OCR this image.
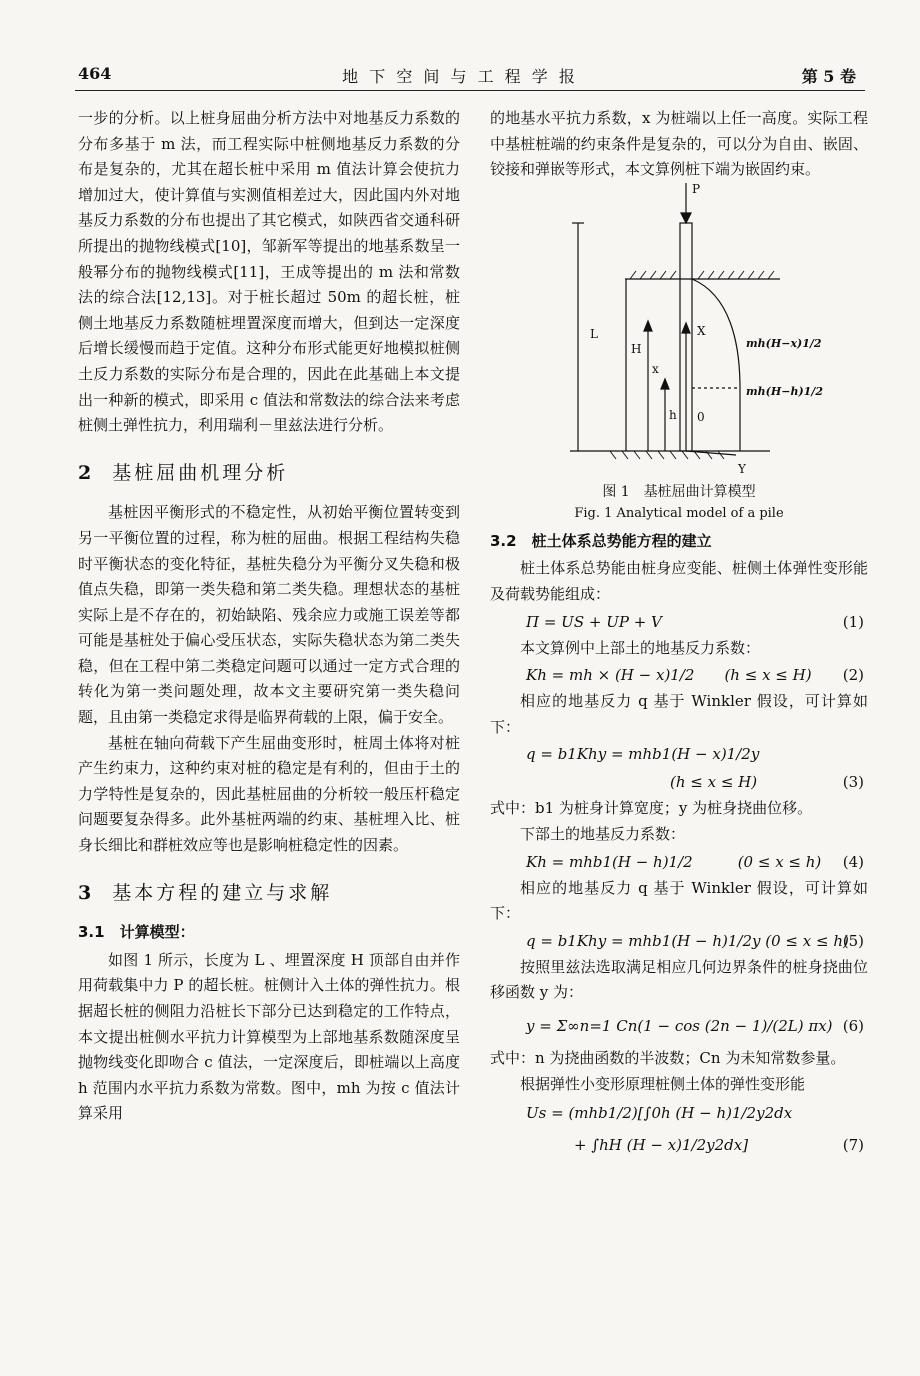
464	地 下 空 间 与 工 程 学 报	第 5 卷

一步的分析。以上桩身屈曲分析方法中对地基反力系数的分布多基于 m 法，而工程实际中桩侧地基反力系数的分布是复杂的，尤其在超长桩中采用 m 值法计算会使抗力增加过大，使计算值与实测值相差过大，因此国内外对地基反力系数的分布也提出了其它模式，如陕西省交通科研所提出的抛物线模式[10]，邹新军等提出的地基系数呈一般幂分布的抛物线模式[11]，王成等提出的 m 法和常数法的综合法[12,13]。对于桩长超过 50m 的超长桩，桩侧土地基反力系数随桩埋置深度而增大，但到达一定深度后增长缓慢而趋于定值。这种分布形式能更好地模拟桩侧土反力系数的实际分布是合理的，因此在此基础上本文提出一种新的模式，即采用 c 值法和常数法的综合法来考虑桩侧土弹性抗力，利用瑞利－里兹法进行分析。

2 基桩屈曲机理分析

基桩因平衡形式的不稳定性，从初始平衡位置转变到另一平衡位置的过程，称为桩的屈曲。根据工程结构失稳时平衡状态的变化特征，基桩失稳分为平衡分叉失稳和极值点失稳，即第一类失稳和第二类失稳。理想状态的基桩实际上是不存在的，初始缺陷、残余应力或施工误差等都可能是基桩处于偏心受压状态，实际失稳状态为第二类失稳，但在工程中第二类稳定问题可以通过一定方式合理的转化为第一类问题处理，故本文主要研究第一类失稳问题，且由第一类稳定求得是临界荷载的上限，偏于安全。

基桩在轴向荷载下产生屈曲变形时，桩周土体将对桩产生约束力，这种约束对桩的稳定是有利的，但由于土的力学特性是复杂的，因此基桩屈曲的分析较一般压杆稳定问题要复杂得多。此外基桩两端的约束、基桩埋入比、桩身长细比和群桩效应等也是影响桩稳定性的因素。

3 基本方程的建立与求解
3.1　计算模型：

如图 1 所示，长度为 L 、埋置深度 H 顶部自由并作用荷载集中力 P 的超长桩。桩侧计入土体的弹性抗力。根据超长桩的侧阻力沿桩长下部分已达到稳定的工作特点，本文提出桩侧水平抗力计算模型为上部地基系数随深度呈抛物线变化即吻合 c 值法，一定深度后，即桩端以上高度 h 范围内水平抗力系数为常数。图中，mh 为按 c 值法计算采用

的地基水平抗力系数，x 为桩端以上任一高度。实际工程中基桩桩端的约束条件是复杂的，可以分为自由、嵌固、铰接和弹嵌等形式，本文算例桩下端为嵌固约束。

P
L
H
x
h
X
0
Y
mh(H−x)1/2
mh(H−h)1/2
图 1　基桩屈曲计算模型
Fig. 1 Analytical model of a pile
3.2　桩土体系总势能方程的建立

桩土体系总势能由桩身应变能、桩侧土体弹性变形能及荷载势能组成：

Π = US + UP + V	(1)

本文算例中上部土的地基反力系数：

Kh = mh × (H − x)1/2　　(h ≤ x ≤ H) (2)

相应的地基反力 q 基于 Winkler 假设，可计算如下：

q = b1Khy = mhb1(H − x)1/2y
(h ≤ x ≤ H)	(3)

式中：b1 为桩身计算宽度；y 为桩身挠曲位移。

下部土的地基反力系数：

Kh = mhb1(H − h)1/2　　　(0 ≤ x ≤ h) (4)

相应的地基反力 q 基于 Winkler 假设，可计算如下：

q = b1Khy = mhb1(H − h)1/2y (0 ≤ x ≤ h)
(5)

按照里兹法选取满足相应几何边界条件的桩身挠曲位移函数 y 为：

y = Σ∞n=1 Cn(1 − cos (2n − 1)/(2L) πx) (6)

式中：n 为挠曲函数的半波数；Cn 为未知常数参量。

根据弹性小变形原理桩侧土体的弹性变形能

Us = (mhb1/2)[∫0h (H − h)1/2y2dx
+ ∫hH (H − x)1/2y2dx]	(7)
